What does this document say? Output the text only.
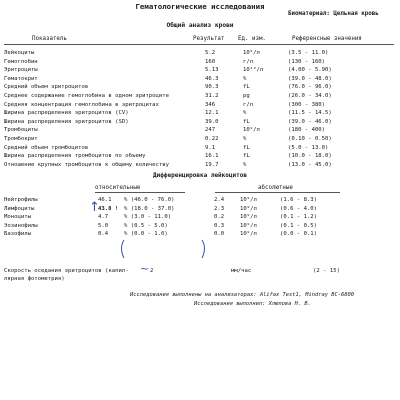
Гематологические исследования
Биоматериал: Цельная кровь
Общий анализ крови
Показатель	Результат Ед. изм.	Референсные значения
Лейкоциты	5.2	10⁹/л	(3.5 - 11.0)
Гемоглобин	160	г/л	(130 - 160)
Эритроциты	5.13	10¹²/л	(4.00 - 5.90)
Гематокрит	46.3	%	(39.0 - 48.0)
Средний объем эритроцитов	90.3	fL	(76.0 - 96.0)
Среднее содержание гемоглобина в одном эритроците	31.2	pg	(26.0 - 34.0)
Средняя концентрация гемоглобина в эритроцитах	346	г/л	(300 - 380)
Ширина распределения эритроцитов (CV)	12.1	%	(11.5 - 14.5)
Ширина распределения эритроцитов (SD)	39.0	fL	(39.0 - 46.0)
Тромбоциты	247	10⁹/л	(180 - 400)
Тромбокрит	0.22	%	(0.10 - 0.50)
Средний объем тромбоцитов	9.1	fL	(5.0 - 13.0)
Ширина распределения тромбоцитов по объему	16.1	fL	(10.0 - 18.0)
Отношение крупных тромбоцитов к общему количеству	19.7	%	(13.0 - 45.0)
Дифференцировка лейкоцитов
относительные	абсолютные
Нейтрофилы	46.1 % (46.0 - 76.0)	2.4	10⁹/л	(1.6 - 8.3)
Лимфоциты	43.8 ! % (18.0 - 37.0)	2.3	10⁹/л	(0.6 - 4.0)
Моноциты	4.7	% (3.0 - 11.0)	0.2	10⁹/л	(0.1 - 1.2)
Эозинофилы	5.0	% (0.5 - 5.0)	0.3	10⁹/л	(0.1 - 0.5)
Базофилы	0.4	% (0.0 - 1.0)	0.0	10⁹/л	(0.0 - 0.1)
↑
Скорость оседания эритроцитов (капил-
лярная фотометрия)
2	мм/час	(2 - 15)
~
Исследования выполнены на анализаторах: Alifax Test1, Mindray BC-6800
Исследования выполнил: Хлюпова Н. В.
